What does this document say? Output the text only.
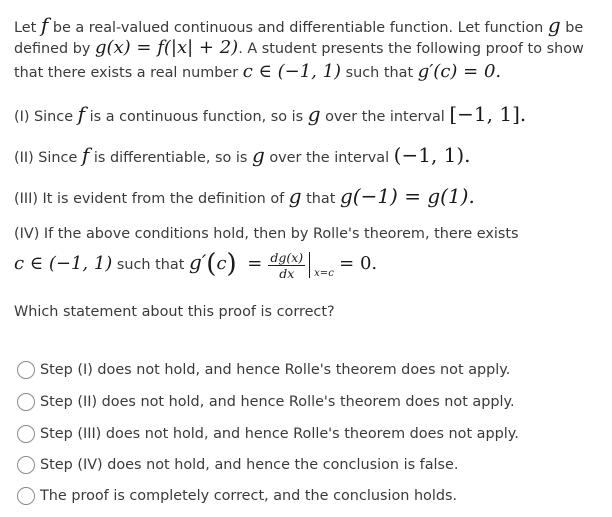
Let f be a real-valued continuous and differentiable function. Let function g be
defined by g(x) = f(|x| + 2). A student presents the following proof to show
that there exists a real number c ∈ (−1, 1) such that g′(c) = 0.
(I) Since f is a continuous function, so is g over the interval [−1, 1].
(II) Since f is differentiable, so is g over the interval (−1, 1).
(III) It is evident from the definition of g that g(−1) = g(1).
(IV) If the above conditions hold, then by Rolle's theorem, there exists
c ∈ (−1, 1) such that $g'(c) = \frac{dg(x)}{dx} x=c = 0$.
Which statement about this proof is correct?
Step (I) does not hold, and hence Rolle's theorem does not apply.
Step (II) does not hold, and hence Rolle's theorem does not apply.
Step (III) does not hold, and hence Rolle's theorem does not apply.
Step (IV) does not hold, and hence the conclusion is false.
The proof is completely correct, and the conclusion holds.
